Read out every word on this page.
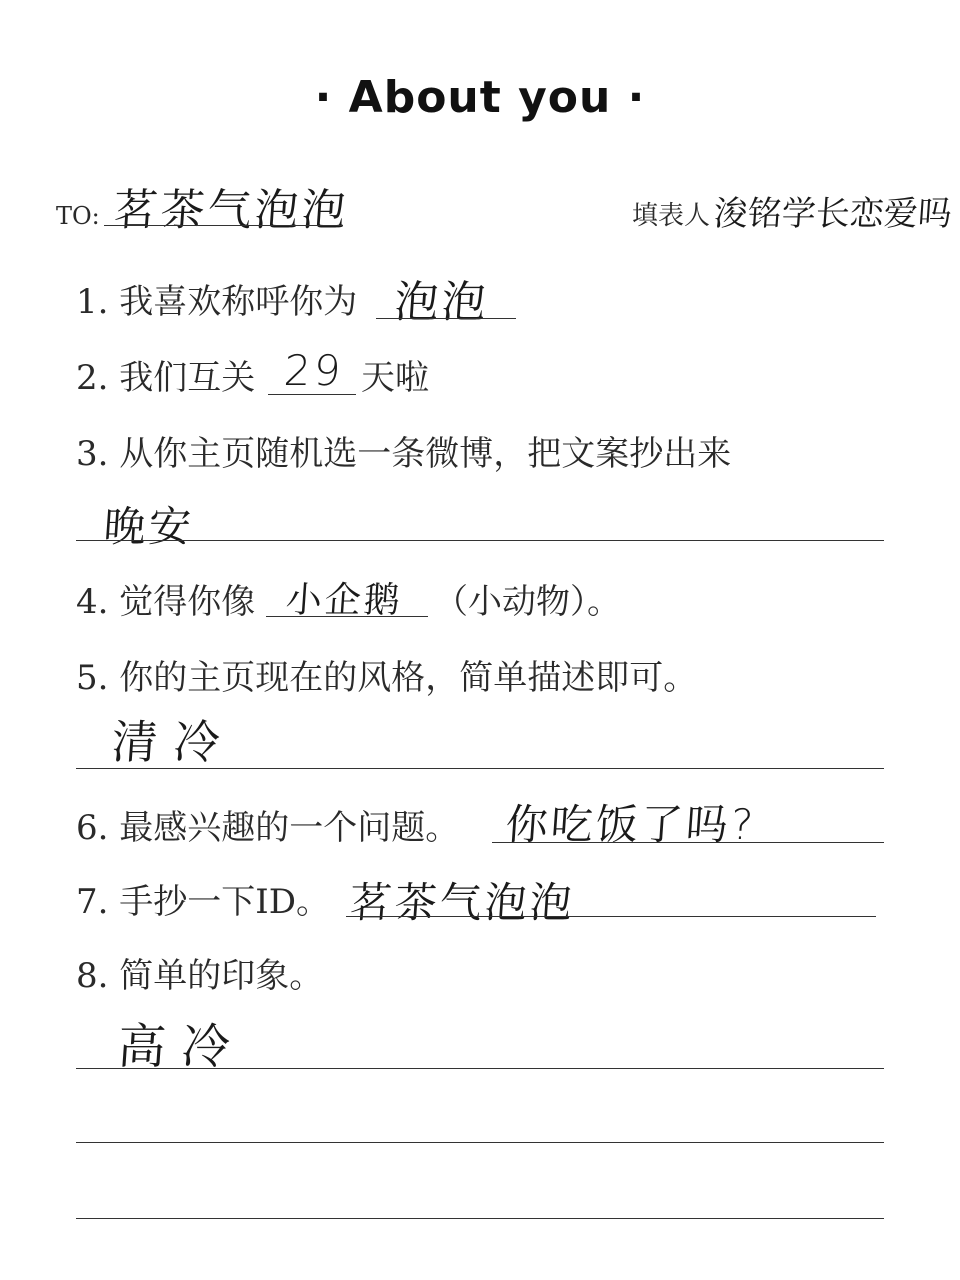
· About you ·
TO: 茗茶气泡泡	填表人 浚铭学长恋爱吗
1. 我喜欢称呼你为 泡泡
2. 我们互关 29 天啦
3. 从你主页随机选一条微博，把文案抄出来
晚安
4. 觉得你像 小企鹅 （小动物）。
5. 你的主页现在的风格，简单描述即可。
清冷
6. 最感兴趣的一个问题。 你吃饭了吗?
7. 手抄一下ID。 茗茶气泡泡
8. 简单的印象。
高冷
